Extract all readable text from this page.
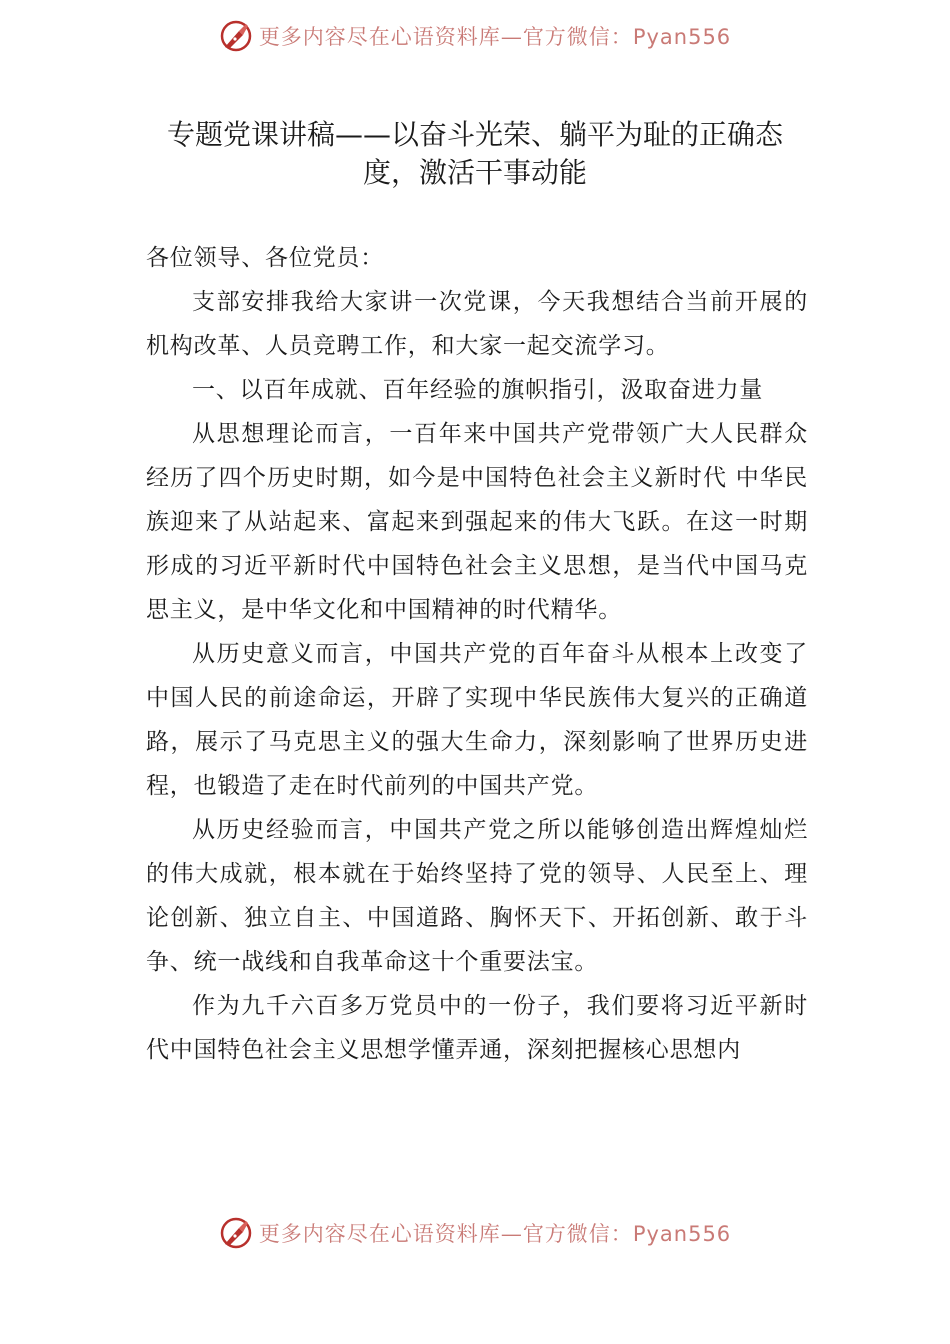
更多内容尽在心语资料库—官方微信：Pyan556
专题党课讲稿——以奋斗光荣、躺平为耻的正确态度，激活干事动能

各位领导、各位党员：

支部安排我给大家讲一次党课，今天我想结合当前开展的机构改革、人员竞聘工作，和大家一起交流学习。

一、以百年成就、百年经验的旗帜指引，汲取奋进力量

从思想理论而言，一百年来中国共产党带领广大人民群众经历了四个历史时期，如今是中国特色社会主义新时代 中华民族迎来了从站起来、富起来到强起来的伟大飞跃。在这一时期形成的习近平新时代中国特色社会主义思想，是当代中国马克思主义，是中华文化和中国精神的时代精华。

从历史意义而言，中国共产党的百年奋斗从根本上改变了中国人民的前途命运，开辟了实现中华民族伟大复兴的正确道路，展示了马克思主义的强大生命力，深刻影响了世界历史进程，也锻造了走在时代前列的中国共产党。

从历史经验而言，中国共产党之所以能够创造出辉煌灿烂的伟大成就，根本就在于始终坚持了党的领导、人民至上、理论创新、独立自主、中国道路、胸怀天下、开拓创新、敢于斗争、统一战线和自我革命这十个重要法宝。

作为九千六百多万党员中的一份子，我们要将习近平新时代中国特色社会主义思想学懂弄通，深刻把握核心思想内

更多内容尽在心语资料库—官方微信：Pyan556
